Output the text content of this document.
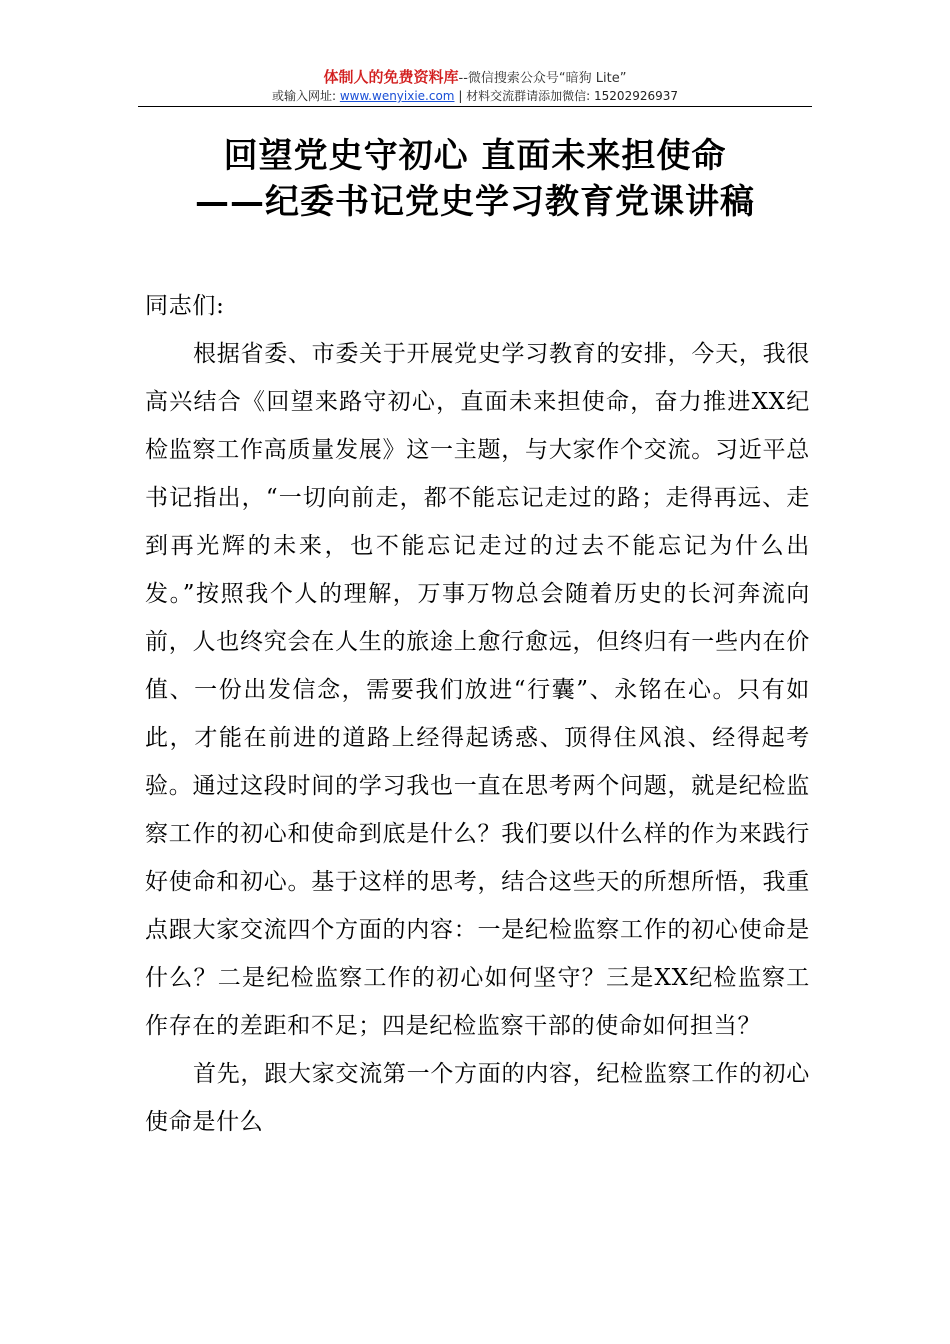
体制人的免费资料库--微信搜索公众号“暗狗 Lite”
或输入网址: www.wenyixie.com | 材料交流群请添加微信: 15202926937
回望党史守初心 直面未来担使命
——纪委书记党史学习教育党课讲稿

同志们:

根据省委、市委关于开展党史学习教育的安排，今天，我很高兴结合《回望来路守初心，直面未来担使命，奋力推进XX纪检监察工作高质量发展》这一主题，与大家作个交流。习近平总书记指出，“一切向前走，都不能忘记走过的路；走得再远、走到再光辉的未来，也不能忘记走过的过去不能忘记为什么出发。”按照我个人的理解，万事万物总会随着历史的长河奔流向前，人也终究会在人生的旅途上愈行愈远，但终归有一些内在价值、一份出发信念，需要我们放进“行囊”、永铭在心。只有如此，才能在前进的道路上经得起诱惑、顶得住风浪、经得起考验。通过这段时间的学习我也一直在思考两个问题，就是纪检监察工作的初心和使命到底是什么？我们要以什么样的作为来践行好使命和初心。基于这样的思考，结合这些天的所想所悟，我重点跟大家交流四个方面的内容：一是纪检监察工作的初心使命是什么？二是纪检监察工作的初心如何坚守？三是XX纪检监察工作存在的差距和不足；四是纪检监察干部的使命如何担当？

首先，跟大家交流第一个方面的内容，纪检监察工作的初心使命是什么
